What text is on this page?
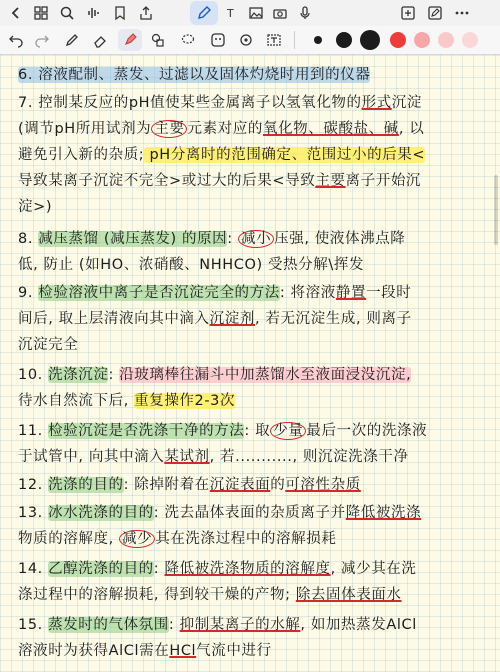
T
6. 溶液配制、蒸发、过滤以及固体灼烧时用到的仪器
7. 控制某反应的pH值使某些金属离子以氢氧化物的形式沉淀
(调节pH所用试剂为 主要 元素对应的氧化物、碳酸盐、碱, 以
避免引入新的杂质; pH分离时的范围确定、范围过小的后果<
导致某离子沉淀不完全>或过大的后果<导致主要离子开始沉
淀>)
8. 减压蒸馏 (减压蒸发) 的原因: 减小 压强, 使液体沸点降
低, 防止 (如HO、浓硝酸、NHHCO) 受热分解\挥发
9. 检验溶液中离子是否沉淀完全的方法: 将溶液静置一段时
间后, 取上层清液向其中滴入沉淀剂, 若无沉淀生成, 则离子
沉淀完全
10. 洗涤沉淀: 沿玻璃棒往漏斗中加蒸馏水至液面浸没沉淀,
待水自然流下后, 重复操作2-3次
11. 检验沉淀是否洗涤干净的方法: 取 少量 最后一次的洗涤液
于试管中, 向其中滴入某试剂, 若..........., 则沉淀洗涤干净
12. 洗涤的目的: 除掉附着在沉淀表面的可溶性杂质
13. 冰水洗涤的目的: 洗去晶体表面的杂质离子并降低被洗涤
物质的溶解度, 减少 其在洗涤过程中的溶解损耗
14. 乙醇洗涤的目的: 降低被洗涤物质的溶解度, 减少其在洗
涤过程中的溶解损耗, 得到较干燥的产物; 除去固体表面水
15. 蒸发时的气体氛围: 抑制某离子的水解, 如加热蒸发AlCl
溶液时为获得AlCl需在HCl气流中进行
